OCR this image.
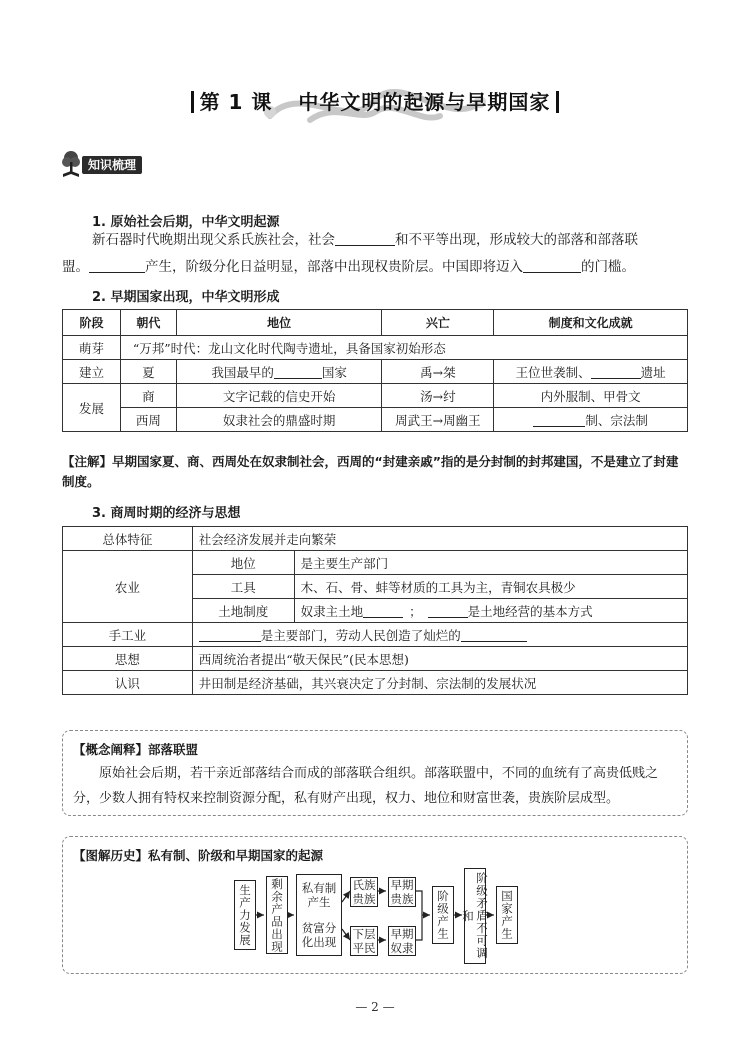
第 1 课 中华文明的起源与早期国家
知识梳理
1. 原始社会后期，中华文明起源
新石器时代晚期出现父系氏族社会，社会	和不平等出现，形成较大的部落和部落联
盟。	产生，阶级分化日益明显，部落中出现权贵阶层。中国即将迈入	的门槛。
2. 早期国家出现，中华文明形成
阶段	朝代	地位	兴亡	制度和文化成就
萌芽	“万邦”时代：龙山文化时代陶寺遗址，具备国家初始形态			
建立	夏	我国最早的 国家	禹→桀	王位世袭制、 遗址
发展	商	文字记载的信史开始	汤→纣	内外服制、甲骨文
	西周	奴隶社会的鼎盛时期	周武王→周幽王	制、宗法制
【注解】早期国家夏、商、西周处在奴隶制社会，西周的“封建亲戚”指的是分封制的封邦建国，不是建立了封建制度。
3. 商周时期的经济与思想
总体特征	社会经济发展并走向繁荣	
农业	地位	是主要生产部门
	工具	木、石、骨、蚌等材质的工具为主，青铜农具极少
	土地制度	奴隶主土地 ； 是土地经营的基本方式
手工业	是主要部门，劳动人民创造了灿烂的	
思想	西周统治者提出“敬天保民”(民本思想)	
认识	井田制是经济基础，其兴衰决定了分封制、宗法制的发展状况	
【概念阐释】部落联盟
原始社会后期，若干亲近部落结合而成的部落联合组织。部落联盟中，不同的血统有了高贵低贱之分，少数人拥有特权来控制资源分配，私有财产出现，权力、地位和财富世袭，贵族阶层成型。
【图解历史】私有制、阶级和早期国家的起源
生产力发展	剩余产品出现	私有制产生
贫富分化出现
氏族贵族
下层平民
早期贵族
早期奴隶
阶级产生	阶级矛盾不可调和	国家产生
— 2 —
